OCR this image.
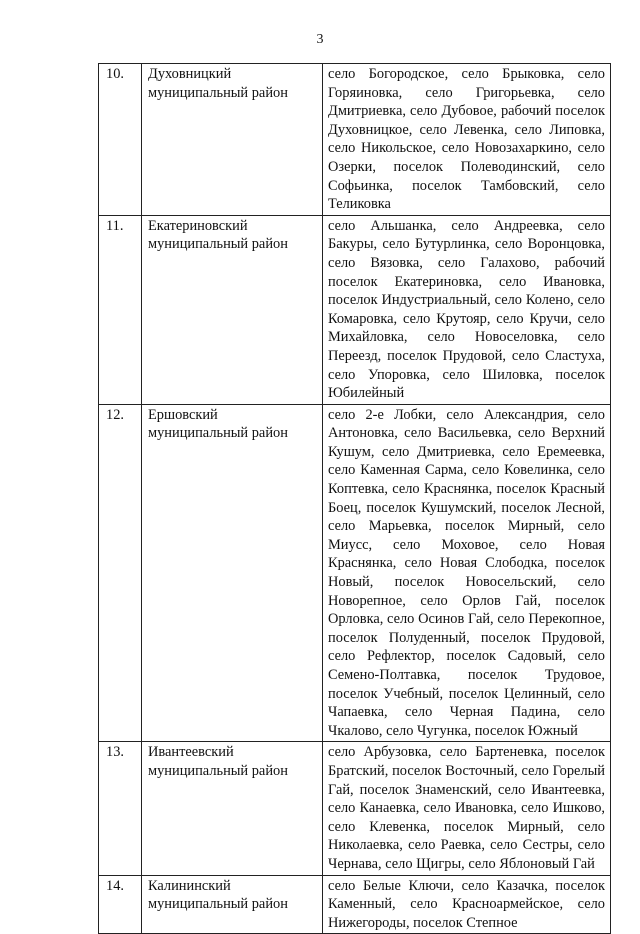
3
10.	Духовницкий муниципальный район	село Богородское, село Брыковка, село Горяиновка, село Григорьевка, село Дмитриевка, село Дубовое, рабочий поселок Духовницкое, село Левенка, село Липовка, село Никольское, село Новозахаркино, село Озерки, поселок Полеводинский, село Софьинка, поселок Тамбовский, село Теликовка

11.	Екатериновский муниципальный район	село Альшанка, село Андреевка, село Бакуры, село Бутурлинка, село Воронцовка, село Вязовка, село Галахово, рабочий поселок Екатериновка, село Ивановка, поселок Индустриальный, село Колено, село Комаровка, село Крутояр, село Кручи, село Михайловка, село Новоселовка, село Переезд, поселок Прудовой, село Сластуха, село Упоровка, село Шиловка, поселок Юбилейный

12.	Ершовский муниципальный район	село 2-е Лобки, село Александрия, село Антоновка, село Васильевка, село Верхний Кушум, село Дмитриевка, село Еремеевка, село Каменная Сарма, село Ковелинка, село Коптевка, село Краснянка, поселок Красный Боец, поселок Кушумский, поселок Лесной, село Марьевка, поселок Мирный, село Миусс, село Моховое, село Новая Краснянка, село Новая Слободка, поселок Новый, поселок Новосельский, село Новорепное, село Орлов Гай, поселок Орловка, село Осинов Гай, село Перекопное, поселок Полуденный, поселок Прудовой, село Рефлектор, поселок Садовый, село Семено-Полтавка, поселок Трудовое, поселок Учебный, поселок Целинный, село Чапаевка, село Черная Падина, село Чкалово, село Чугунка, поселок Южный

13.	Ивантеевский муниципальный район	село Арбузовка, село Бартеневка, поселок Братский, поселок Восточный, село Горелый Гай, поселок Знаменский, село Ивантеевка, село Канаевка, село Ивановка, село Ишково, село Клевенка, поселок Мирный, село Николаевка, село Раевка, село Сестры, село Чернава, село Щигры, село Яблоновый Гай

14.	Калининский муниципальный район	село Белые Ключи, село Казачка, поселок Каменный, село Красноармейское, село Нижегороды, поселок Степное
